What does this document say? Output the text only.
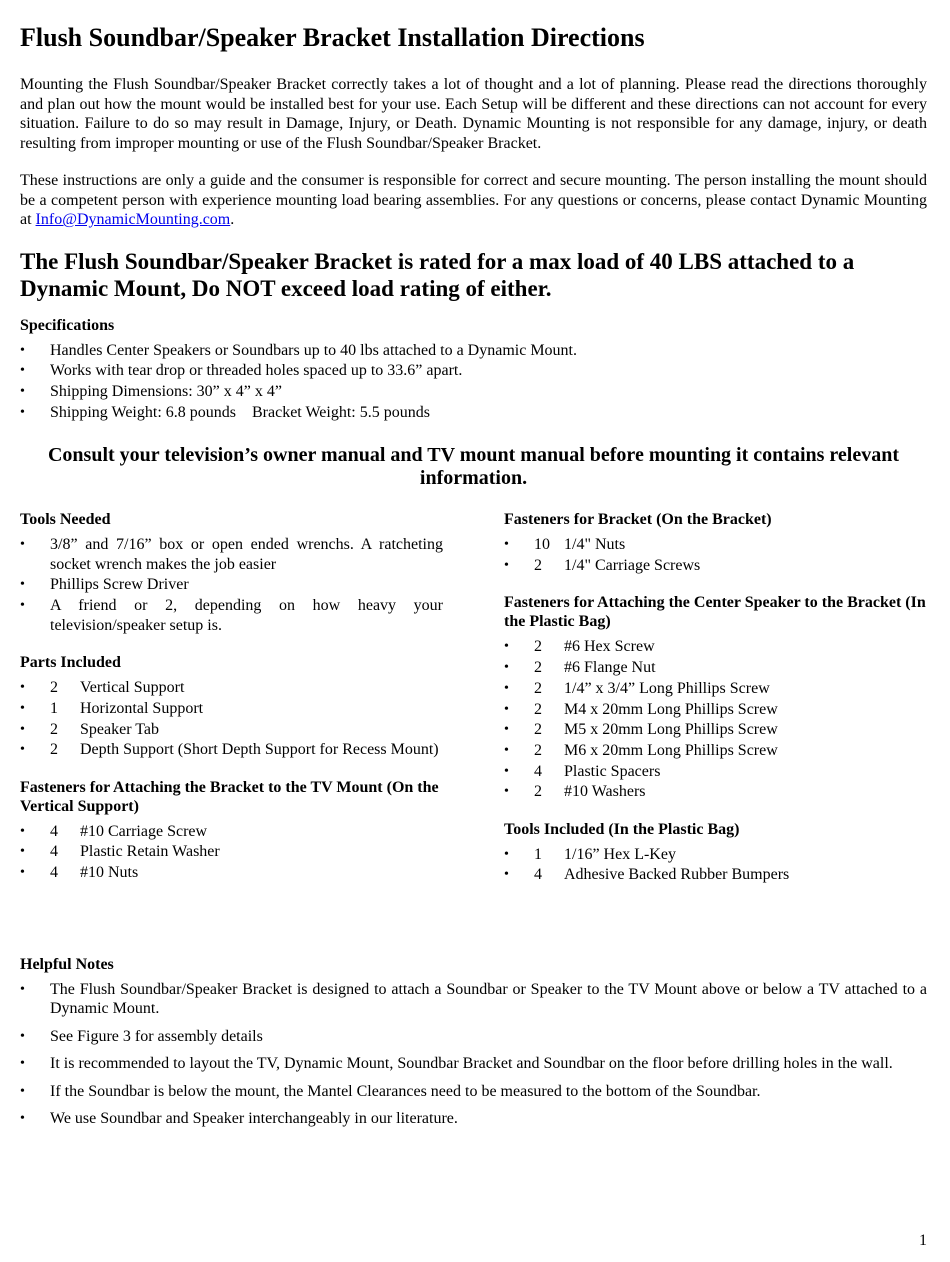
Flush Soundbar/Speaker Bracket Installation Directions

Mounting the Flush Soundbar/Speaker Bracket correctly takes a lot of thought and a lot of planning. Please read the directions thoroughly and plan out how the mount would be installed best for your use. Each Setup will be different and these directions can not account for every situation. Failure to do so may result in Damage, Injury, or Death. Dynamic Mounting is not responsible for any damage, injury, or death resulting from improper mounting or use of the Flush Soundbar/Speaker Bracket.

These instructions are only a guide and the consumer is responsible for correct and secure mounting. The person installing the mount should be a competent person with experience mounting load bearing assemblies. For any questions or concerns, please contact Dynamic Mounting at Info@DynamicMounting.com.

The Flush Soundbar/Speaker Bracket is rated for a max load of 40 LBS attached to a Dynamic Mount, Do NOT exceed load rating of either.
Specifications
• Handles Center Speakers or Soundbars up to 40 lbs attached to a Dynamic Mount.
• Works with tear drop or threaded holes spaced up to 33.6” apart.
• Shipping Dimensions: 30” x 4” x 4”
• Shipping Weight: 6.8 pounds    Bracket Weight: 5.5 pounds
Consult your television’s owner manual and TV mount manual before mounting it contains relevant information.
Tools Needed
• 3/8” and 7/16” box or open ended wrenchs. A ratcheting socket wrench makes the job easier
• Phillips Screw Driver
• A friend or 2, depending on how heavy your television/speaker setup is.
Parts Included
• 2 Vertical Support
• 1 Horizontal Support
• 2 Speaker Tab
• 2 Depth Support (Short Depth Support for Recess Mount)
Fasteners for Attaching the Bracket to the TV Mount (On the Vertical Support)
• 4 #10 Carriage Screw
• 4 Plastic Retain Washer
• 4 #10 Nuts
Fasteners for Bracket (On the Bracket)
• 10 1/4" Nuts
• 2 1/4" Carriage Screws
Fasteners for Attaching the Center Speaker to the Bracket (In the Plastic Bag)
• 2 #6 Hex Screw
• 2 #6 Flange Nut
• 2 1/4” x 3/4” Long Phillips Screw
• 2 M4 x 20mm Long Phillips Screw
• 2 M5 x 20mm Long Phillips Screw
• 2 M6 x 20mm Long Phillips Screw
• 4 Plastic Spacers
• 2 #10 Washers
Tools Included (In the Plastic Bag)
• 1 1/16” Hex L-Key
• 4 Adhesive Backed Rubber Bumpers
Helpful Notes
• The Flush Soundbar/Speaker Bracket is designed to attach a Soundbar or Speaker to the TV Mount above or below a TV attached to a Dynamic Mount.
• See Figure 3 for assembly details
• It is recommended to layout the TV, Dynamic Mount, Soundbar Bracket and Soundbar on the floor before drilling holes in the wall.
• If the Soundbar is below the mount, the Mantel Clearances need to be measured to the bottom of the Soundbar.
• We use Soundbar and Speaker interchangeably in our literature.
1
